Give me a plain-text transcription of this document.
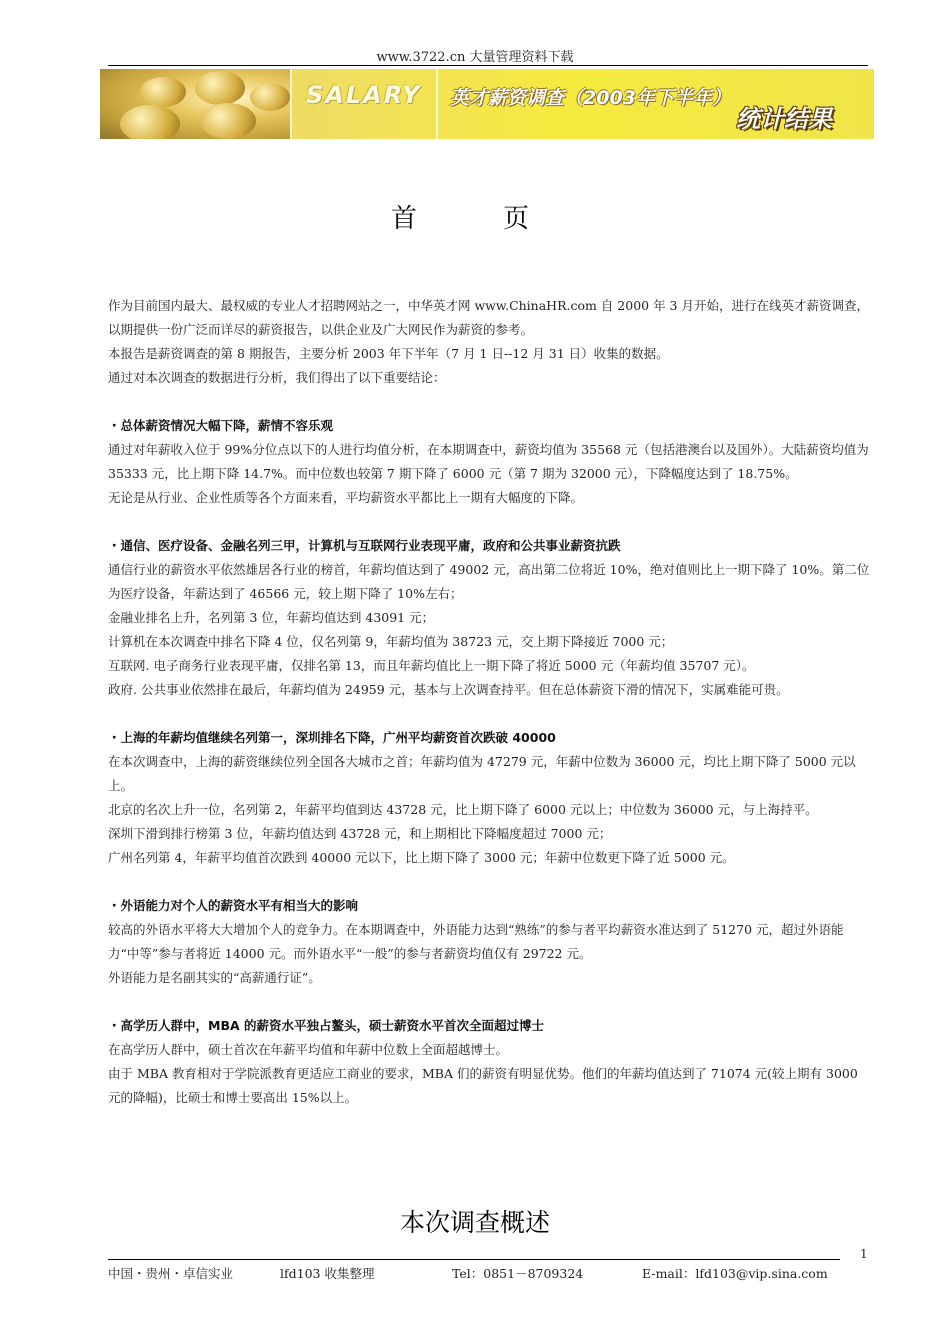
www.3722.cn 大量管理资料下载
SALARY 英才薪资调查（2003年下半年）
统计结果
首　页

作为目前国内最大、最权威的专业人才招聘网站之一，中华英才网 www.ChinaHR.com 自 2000 年 3 月开始，进行在线英才薪资调查，以期提供一份广泛而详尽的薪资报告，以供企业及广大网民作为薪资的参考。

本报告是薪资调查的第 8 期报告，主要分析 2003 年下半年（7 月 1 日--12 月 31 日）收集的数据。

通过对本次调查的数据进行分析，我们得出了以下重要结论：

・总体薪资情况大幅下降，薪情不容乐观

通过对年薪收入位于 99%分位点以下的人进行均值分析，在本期调查中，薪资均值为 35568 元（包括港澳台以及国外）。大陆薪资均值为 35333 元，比上期下降 14.7%。而中位数也较第 7 期下降了 6000 元（第 7 期为 32000 元），下降幅度达到了 18.75%。

无论是从行业、企业性质等各个方面来看，平均薪资水平都比上一期有大幅度的下降。

・通信、医疗设备、金融名列三甲，计算机与互联网行业表现平庸，政府和公共事业薪资抗跌

通信行业的薪资水平依然雄居各行业的榜首，年薪均值达到了 49002 元，高出第二位将近 10%，绝对值则比上一期下降了 10%。第二位为医疗设备，年薪达到了 46566 元，较上期下降了 10%左右；

金融业排名上升，名列第 3 位，年薪均值达到 43091 元；

计算机在本次调查中排名下降 4 位，仅名列第 9，年薪均值为 38723 元，交上期下降接近 7000 元；

互联网. 电子商务行业表现平庸，仅排名第 13，而且年薪均值比上一期下降了将近 5000 元（年薪均值 35707 元）。

政府. 公共事业依然排在最后，年薪均值为 24959 元，基本与上次调查持平。但在总体薪资下滑的情况下，实属难能可贵。

・上海的年薪均值继续名列第一，深圳排名下降，广州平均薪资首次跌破 40000

在本次调查中，上海的薪资继续位列全国各大城市之首；年薪均值为 47279 元，年薪中位数为 36000 元，均比上期下降了 5000 元以上。

北京的名次上升一位，名列第 2，年薪平均值到达 43728 元，比上期下降了 6000 元以上；中位数为 36000 元，与上海持平。

深圳下滑到排行榜第 3 位，年薪均值达到 43728 元，和上期相比下降幅度超过 7000 元；

广州名列第 4，年薪平均值首次跌到 40000 元以下，比上期下降了 3000 元；年薪中位数更下降了近 5000 元。

・外语能力对个人的薪资水平有相当大的影响

较高的外语水平将大大增加个人的竞争力。在本期调查中，外语能力达到“熟练”的参与者平均薪资水准达到了 51270 元，超过外语能力“中等”参与者将近 14000 元。而外语水平“一般”的参与者薪资均值仅有 29722 元。

外语能力是名副其实的“高薪通行证”。

・高学历人群中，MBA 的薪资水平独占鳌头，硕士薪资水平首次全面超过博士

在高学历人群中，硕士首次在年薪平均值和年薪中位数上全面超越博士。

由于 MBA 教育相对于学院派教育更适应工商业的要求，MBA 们的薪资有明显优势。他们的年薪均值达到了 71074 元(较上期有 3000 元的降幅)，比硕士和博士要高出 15%以上。

本次调查概述
1
中国・贵州・卓信实业	lfd103 收集整理	Tel：0851－8709324	E-mail：lfd103@vip.sina.com
